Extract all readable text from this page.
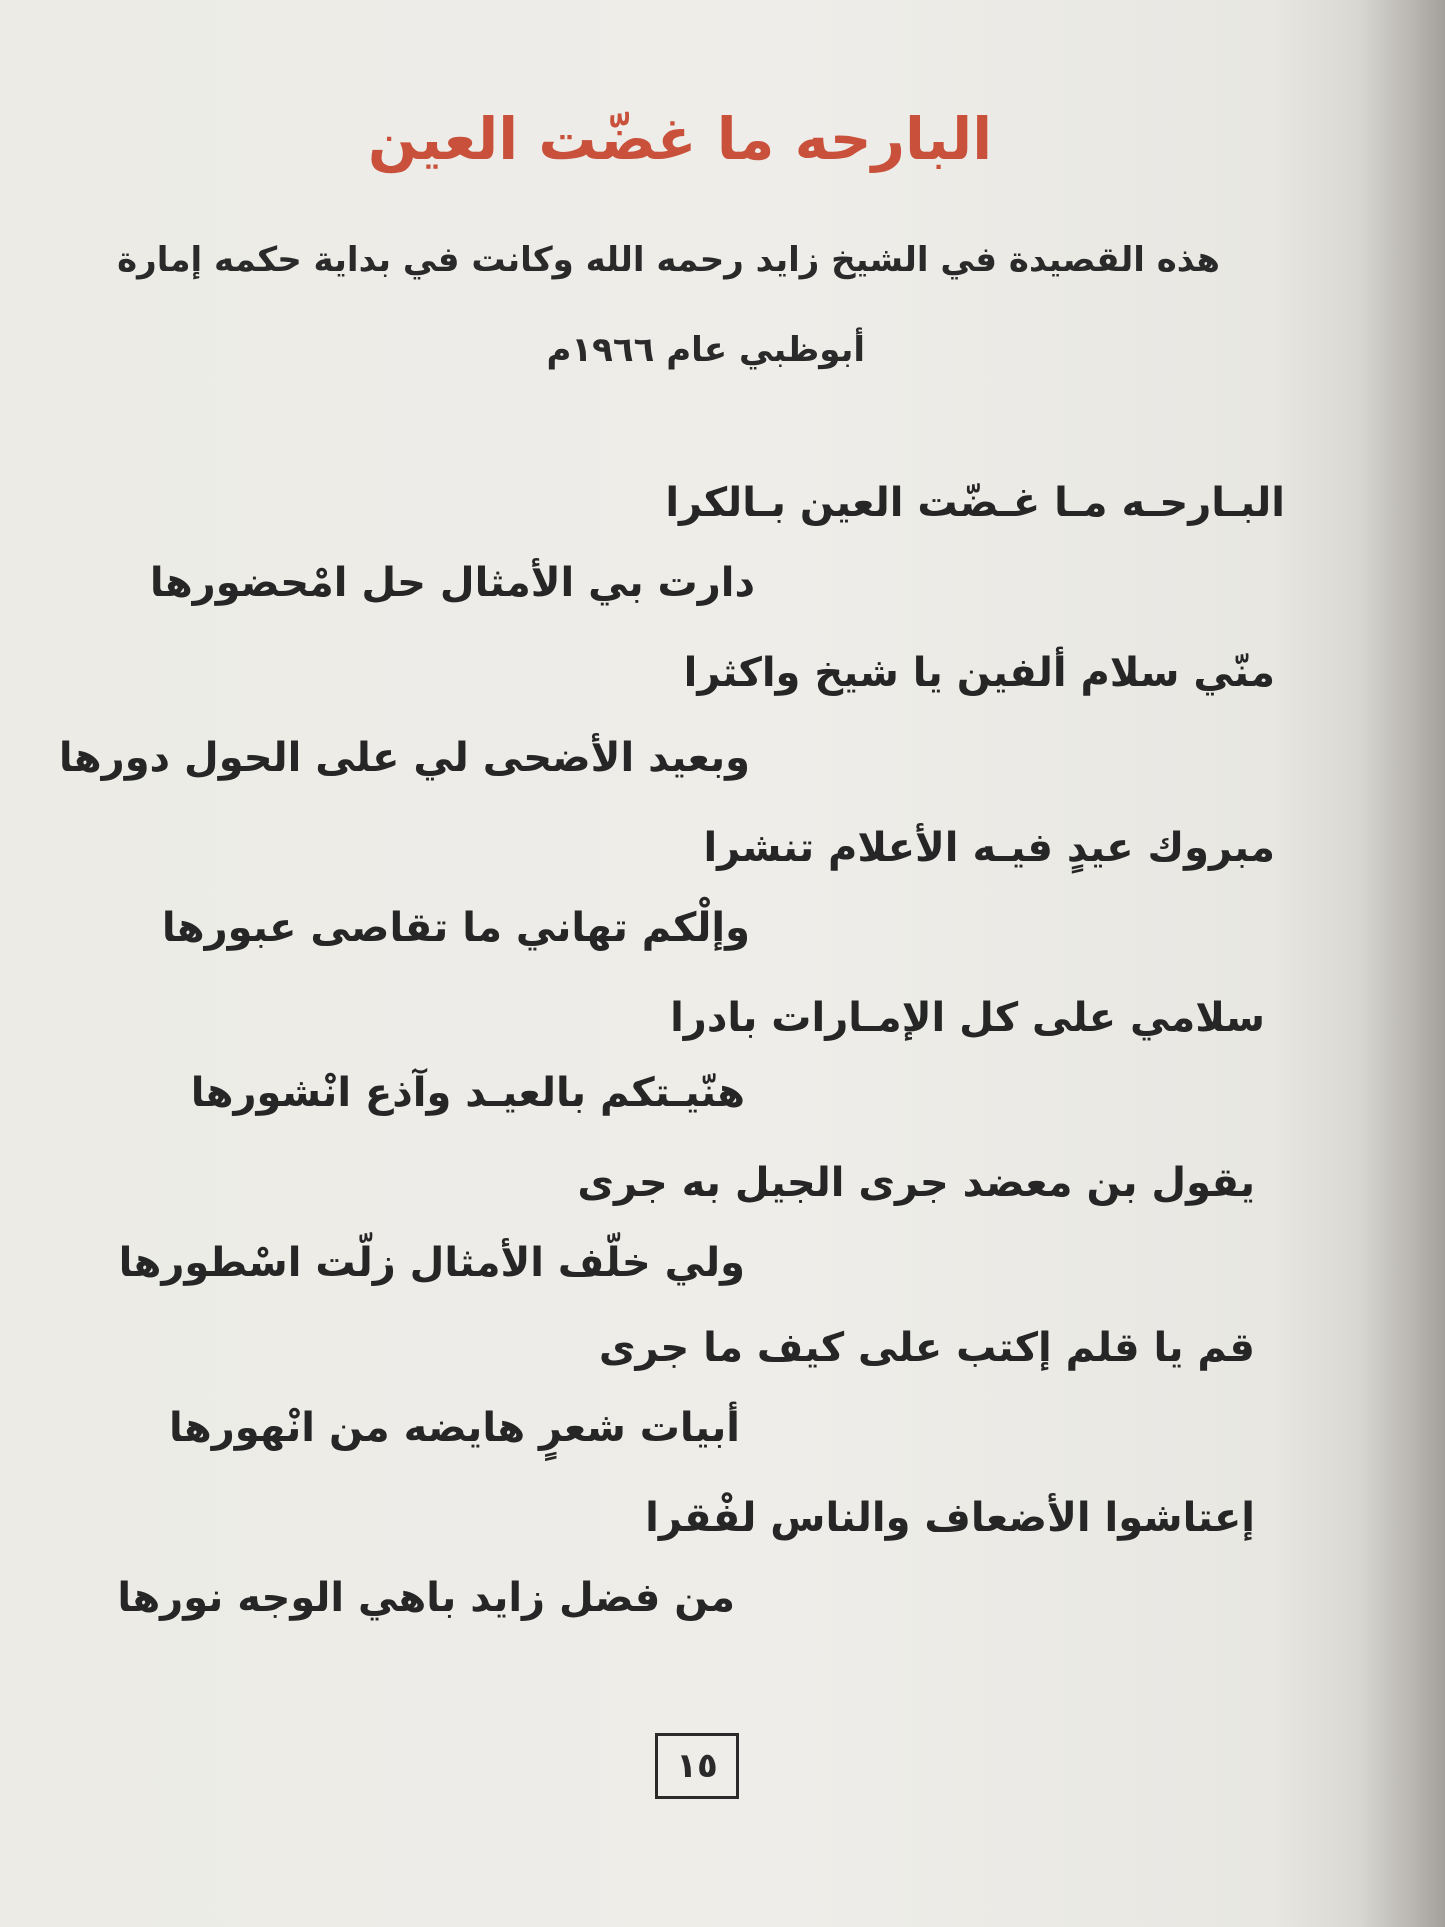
البارحه ما غضّت العين

هذه القصيدة في الشيخ زايد رحمه الله وكانت في بداية حكمه إمارة

أبوظبي عام ١٩٦٦م

البـارحـه مـا غـضّت العين بـالكرا

دارت بي الأمثال حل امْحضورها

منّي سلام ألفين يا شيخ واكثرا

وبعيد الأضحى لي على الحول دورها

مبروك عيدٍ فيـه الأعلام تنشرا

وإلْكم تهاني ما تقاصى عبورها

سلامي على كل الإمـارات بادرا

هنّيـتكم بالعيـد وآذع انْشورها

يقول بن معضد جرى الجيل به جرى

ولي خلّف الأمثال زلّت اسْطورها

قم يا قلم إكتب على كيف ما جرى

أبيات شعرٍ هايضه من انْهورها

إعتاشوا الأضعاف والناس لفْقرا

من فضل زايد باهي الوجه نورها

١٥
